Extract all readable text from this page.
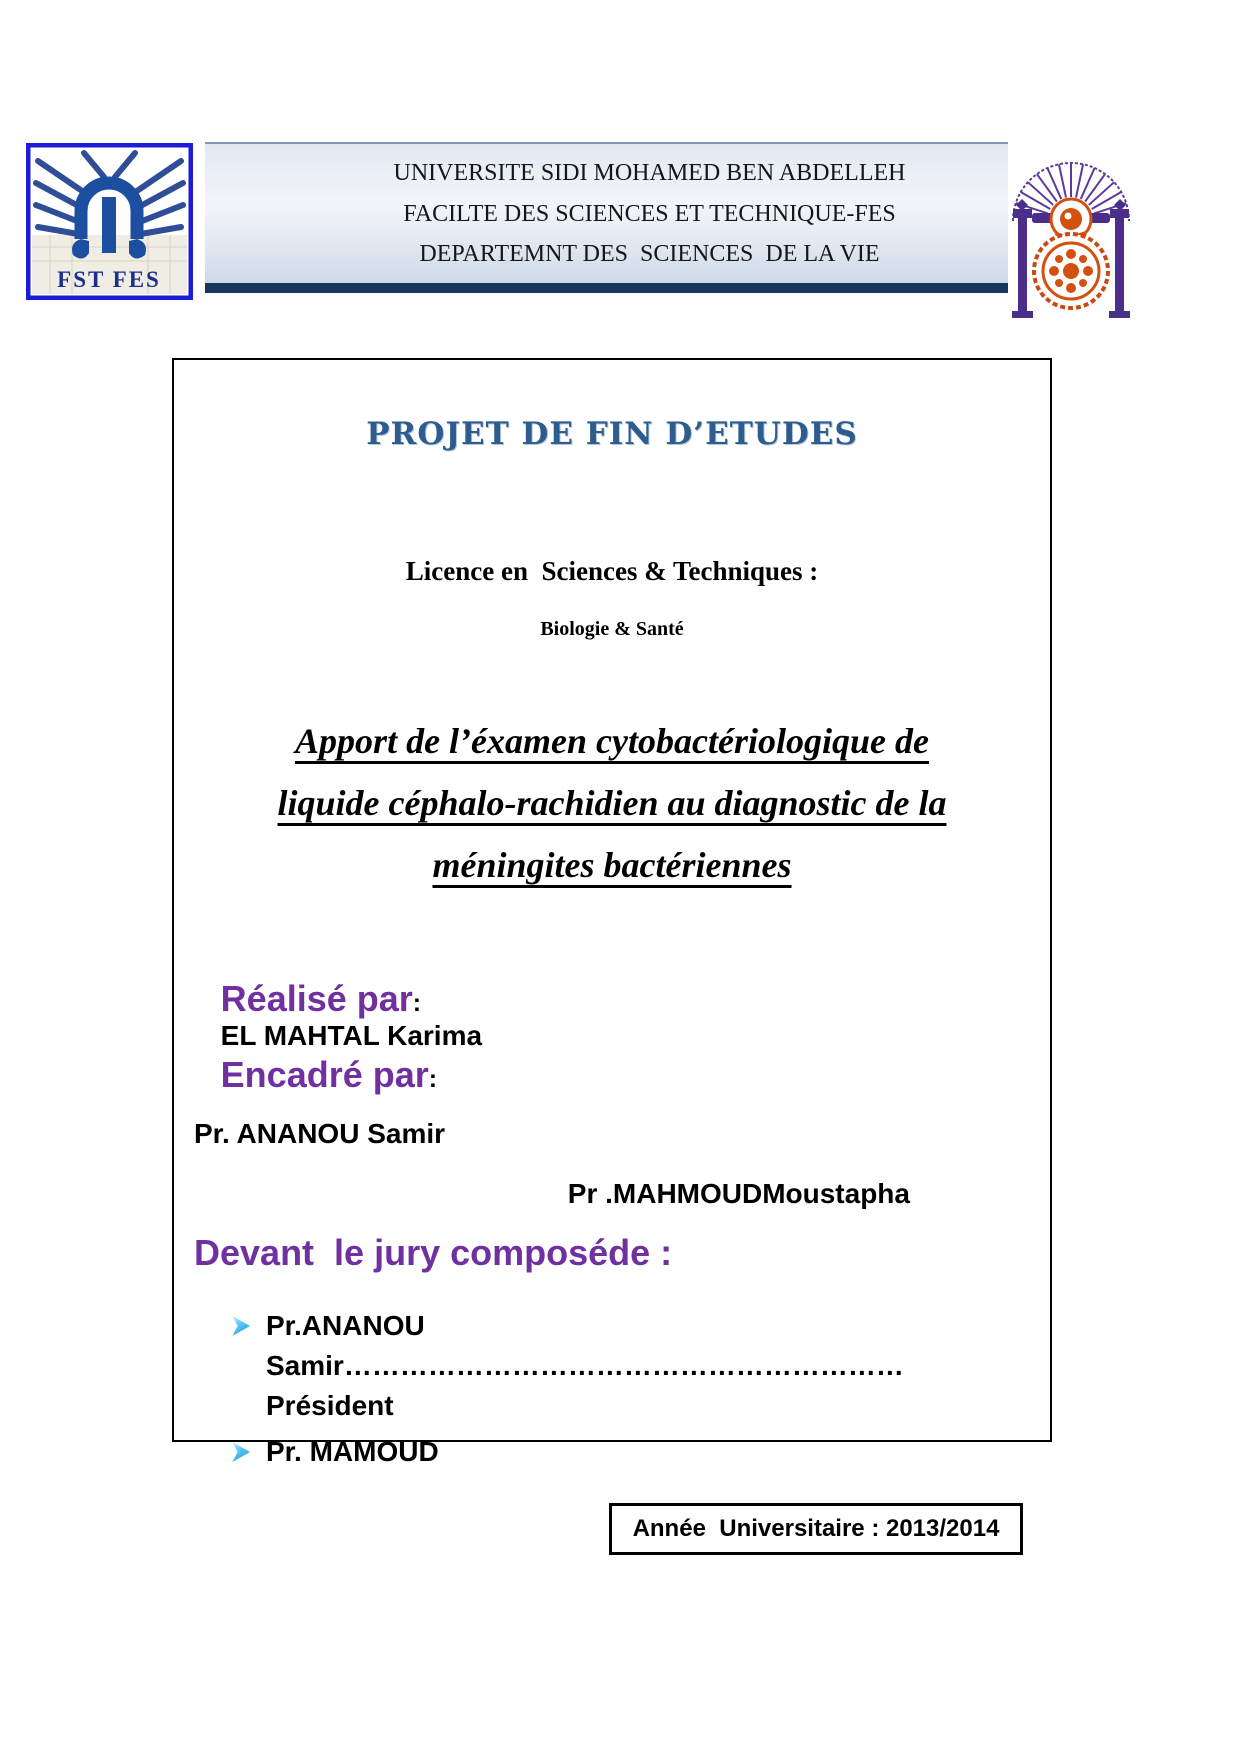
FST FES
UNIVERSITE SIDI MOHAMED BEN ABDELLEH
FACILTE DES SCIENCES ET TECHNIQUE-FES
DEPARTEMNT DES  SCIENCES  DE LA VIE
PROJET DE FIN D’ETUDES
Licence en  Sciences & Techniques :
Biologie & Santé
Apport de l’éxamen cytobactériologique de
liquide céphalo-rachidien au diagnostic de la
méningites bactériennes

Réalisé par:
EL MAHTAL Karima

Encadré par:

Pr. ANANOU Samir
Pr .MAHMOUDMoustapha
Devant  le jury composéde :
Pr.ANANOU
Samir……………………………………………………Président
Pr. MAMOUD
Année  Universitaire : 2013/2014
